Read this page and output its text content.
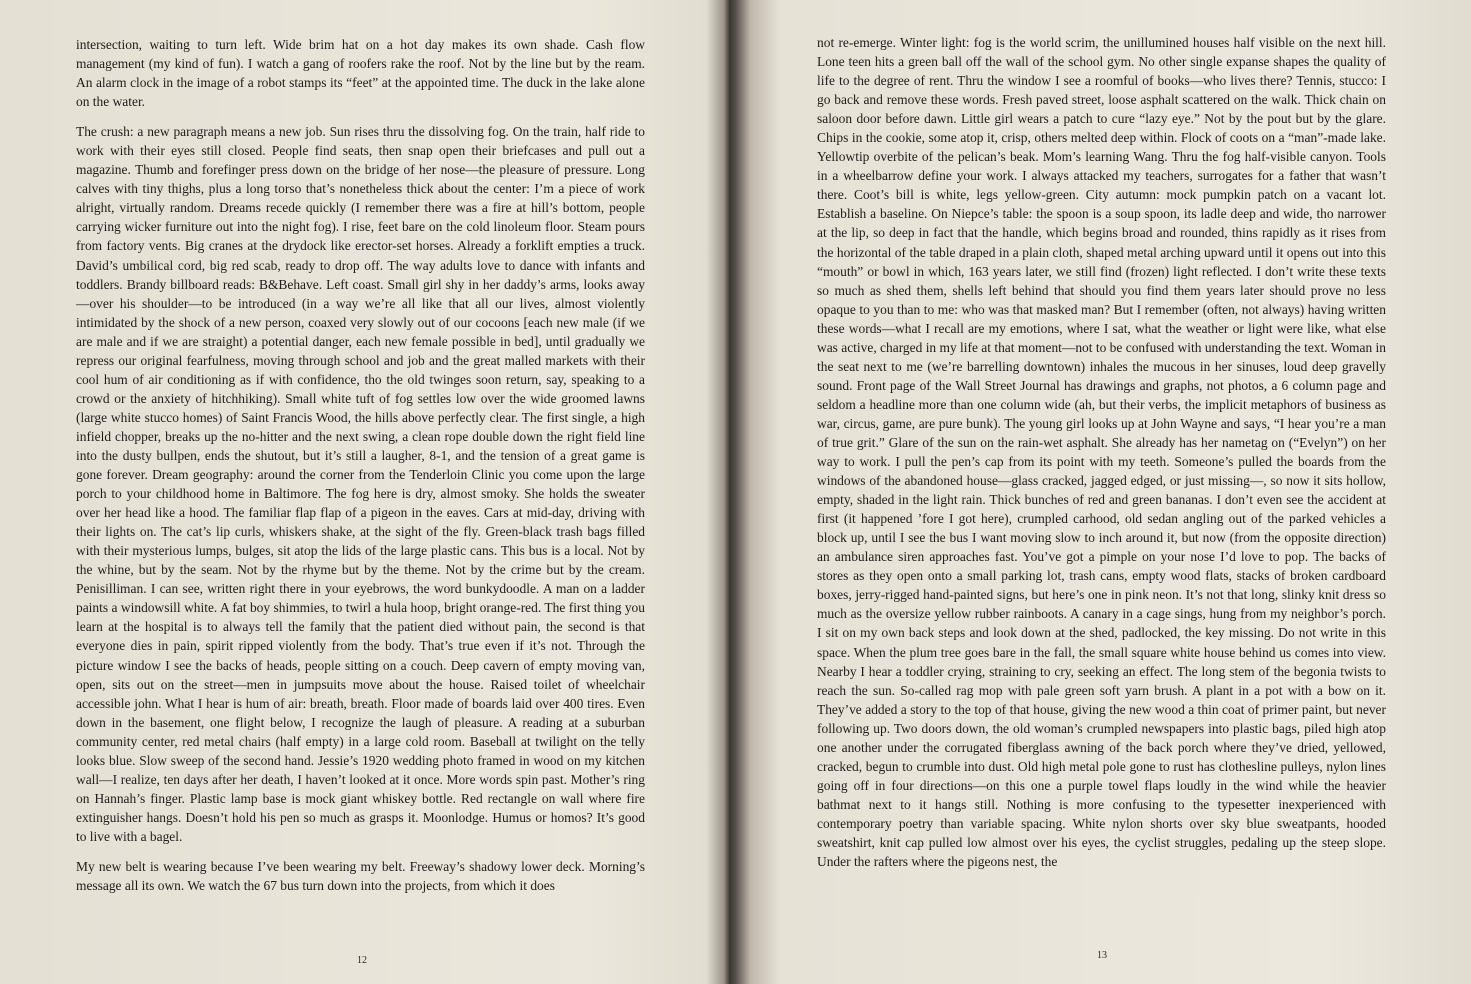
intersection, waiting to turn left. Wide brim hat on a hot day makes its own shade. Cash flow management (my kind of fun). I watch a gang of roofers rake the roof. Not by the line but by the ream. An alarm clock in the image of a robot stamps its “feet” at the appointed time. The duck in the lake alone on the water.

The crush: a new paragraph means a new job. Sun rises thru the dissolving fog. On the train, half ride to work with their eyes still closed. People find seats, then snap open their briefcases and pull out a magazine. Thumb and forefinger press down on the bridge of her nose—the pleasure of pressure. Long calves with tiny thighs, plus a long torso that’s nonetheless thick about the center: I’m a piece of work alright, virtually random. Dreams recede quickly (I remember there was a fire at hill’s bottom, people carrying wicker furniture out into the night fog). I rise, feet bare on the cold linoleum floor. Steam pours from factory vents. Big cranes at the drydock like erector-set horses. Already a forklift empties a truck. David’s umbilical cord, big red scab, ready to drop off. The way adults love to dance with infants and toddlers. Brandy billboard reads: B&Behave. Left coast. Small girl shy in her daddy’s arms, looks away—over his shoulder—to be introduced (in a way we’re all like that all our lives, almost violently intimidated by the shock of a new person, coaxed very slowly out of our cocoons [each new male (if we are male and if we are straight) a potential danger, each new female possible in bed], until gradually we repress our original fearfulness, moving through school and job and the great malled markets with their cool hum of air conditioning as if with confidence, tho the old twinges soon return, say, speaking to a crowd or the anxiety of hitchhiking). Small white tuft of fog settles low over the wide groomed lawns (large white stucco homes) of Saint Francis Wood, the hills above perfectly clear. The first single, a high infield chopper, breaks up the no-hitter and the next swing, a clean rope double down the right field line into the dusty bullpen, ends the shutout, but it’s still a laugher, 8-1, and the tension of a great game is gone forever. Dream geography: around the corner from the Tenderloin Clinic you come upon the large porch to your childhood home in Baltimore. The fog here is dry, almost smoky. She holds the sweater over her head like a hood. The familiar flap flap of a pigeon in the eaves. Cars at mid-day, driving with their lights on. The cat’s lip curls, whiskers shake, at the sight of the fly. Green-black trash bags filled with their mysterious lumps, bulges, sit atop the lids of the large plastic cans. This bus is a local. Not by the whine, but by the seam. Not by the rhyme but by the theme. Not by the crime but by the cream. Penisilliman. I can see, written right there in your eyebrows, the word bunkydoodle. A man on a ladder paints a windowsill white. A fat boy shimmies, to twirl a hula hoop, bright orange-red. The first thing you learn at the hospital is to always tell the family that the patient died without pain, the second is that everyone dies in pain, spirit ripped violently from the body. That’s true even if it’s not. Through the picture window I see the backs of heads, people sitting on a couch. Deep cavern of empty moving van, open, sits out on the street—men in jumpsuits move about the house. Raised toilet of wheelchair accessible john. What I hear is hum of air: breath, breath. Floor made of boards laid over 400 tires. Even down in the basement, one flight below, I recognize the laugh of pleasure. A reading at a suburban community center, red metal chairs (half empty) in a large cold room. Baseball at twilight on the telly looks blue. Slow sweep of the second hand. Jessie’s 1920 wedding photo framed in wood on my kitchen wall—I realize, ten days after her death, I haven’t looked at it once. More words spin past. Mother’s ring on Hannah’s finger. Plastic lamp base is mock giant whiskey bottle. Red rectangle on wall where fire extinguisher hangs. Doesn’t hold his pen so much as grasps it. Moonlodge. Humus or homos? It’s good to live with a bagel.

My new belt is wearing because I’ve been wearing my belt. Freeway’s shadowy lower deck. Morning’s message all its own. We watch the 67 bus turn down into the projects, from which it does

12

not re-emerge. Winter light: fog is the world scrim, the unillumined houses half visible on the next hill. Lone teen hits a green ball off the wall of the school gym. No other single expanse shapes the quality of life to the degree of rent. Thru the window I see a roomful of books—who lives there? Tennis, stucco: I go back and remove these words. Fresh paved street, loose asphalt scattered on the walk. Thick chain on saloon door before dawn. Little girl wears a patch to cure “lazy eye.” Not by the pout but by the glare. Chips in the cookie, some atop it, crisp, others melted deep within. Flock of coots on a “man”-made lake. Yellowtip overbite of the pelican’s beak. Mom’s learning Wang. Thru the fog half-visible canyon. Tools in a wheelbarrow define your work. I always attacked my teachers, surrogates for a father that wasn’t there. Coot’s bill is white, legs yellow-green. City autumn: mock pumpkin patch on a vacant lot. Establish a baseline. On Niepce’s table: the spoon is a soup spoon, its ladle deep and wide, tho narrower at the lip, so deep in fact that the handle, which begins broad and rounded, thins rapidly as it rises from the horizontal of the table draped in a plain cloth, shaped metal arching upward until it opens out into this “mouth” or bowl in which, 163 years later, we still find (frozen) light reflected. I don’t write these texts so much as shed them, shells left behind that should you find them years later should prove no less opaque to you than to me: who was that masked man? But I remember (often, not always) having written these words—what I recall are my emotions, where I sat, what the weather or light were like, what else was active, charged in my life at that moment—not to be confused with understanding the text. Woman in the seat next to me (we’re barrelling downtown) inhales the mucous in her sinuses, loud deep gravelly sound. Front page of the Wall Street Journal has drawings and graphs, not photos, a 6 column page and seldom a headline more than one column wide (ah, but their verbs, the implicit metaphors of business as war, circus, game, are pure bunk). The young girl looks up at John Wayne and says, “I hear you’re a man of true grit.” Glare of the sun on the rain-wet asphalt. She already has her nametag on (“Evelyn”) on her way to work. I pull the pen’s cap from its point with my teeth. Someone’s pulled the boards from the windows of the abandoned house—glass cracked, jagged edged, or just missing—, so now it sits hollow, empty, shaded in the light rain. Thick bunches of red and green bananas. I don’t even see the accident at first (it happened ’fore I got here), crumpled carhood, old sedan angling out of the parked vehicles a block up, until I see the bus I want moving slow to inch around it, but now (from the opposite direction) an ambulance siren approaches fast. You’ve got a pimple on your nose I’d love to pop. The backs of stores as they open onto a small parking lot, trash cans, empty wood flats, stacks of broken cardboard boxes, jerry-rigged hand-painted signs, but here’s one in pink neon. It’s not that long, slinky knit dress so much as the oversize yellow rubber rainboots. A canary in a cage sings, hung from my neighbor’s porch. I sit on my own back steps and look down at the shed, padlocked, the key missing. Do not write in this space. When the plum tree goes bare in the fall, the small square white house behind us comes into view. Nearby I hear a toddler crying, straining to cry, seeking an effect. The long stem of the begonia twists to reach the sun. So-called rag mop with pale green soft yarn brush. A plant in a pot with a bow on it. They’ve added a story to the top of that house, giving the new wood a thin coat of primer paint, but never following up. Two doors down, the old woman’s crumpled newspapers into plastic bags, piled high atop one another under the corrugated fiberglass awning of the back porch where they’ve dried, yellowed, cracked, begun to crumble into dust. Old high metal pole gone to rust has clothesline pulleys, nylon lines going off in four directions—on this one a purple towel flaps loudly in the wind while the heavier bathmat next to it hangs still. Nothing is more confusing to the typesetter inexperienced with contemporary poetry than variable spacing. White nylon shorts over sky blue sweatpants, hooded sweatshirt, knit cap pulled low almost over his eyes, the cyclist struggles, pedaling up the steep slope. Under the rafters where the pigeons nest, the

13
